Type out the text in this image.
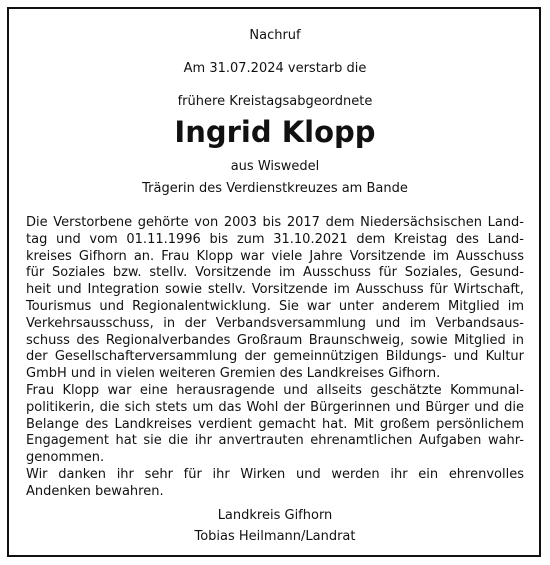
Nachruf
Am 31.07.2024 verstarb die
frühere Kreistagsabgeordnete
Ingrid Klopp
aus Wiswedel
Trägerin des Verdienstkreuzes am Bande
Die Verstorbene gehörte von 2003 bis 2017 dem Niedersächsischen Land-
tag und vom 01.11.1996 bis zum 31.10.2021 dem Kreistag des Land-
kreises Gifhorn an. Frau Klopp war viele Jahre Vorsitzende im Ausschuss
für Soziales bzw. stellv. Vorsitzende im Ausschuss für Soziales, Gesund-
heit und Integration sowie stellv. Vorsitzende im Ausschuss für Wirtschaft,
Tourismus und Regionalentwicklung. Sie war unter anderem Mitglied im
Verkehrsausschuss, in der Verbandsversammlung und im Verbandsaus-
schuss des Regionalverbandes Großraum Braunschweig, sowie Mitglied in
der Gesellschafterversammlung der gemeinnützigen Bildungs- und Kultur
GmbH und in vielen weiteren Gremien des Landkreises Gifhorn.
Frau Klopp war eine herausragende und allseits geschätzte Kommunal-
politikerin, die sich stets um das Wohl der Bürgerinnen und Bürger und die
Belange des Landkreises verdient gemacht hat. Mit großem persönlichem
Engagement hat sie die ihr anvertrauten ehrenamtlichen Aufgaben wahr-
genommen.
Wir danken ihr sehr für ihr Wirken und werden ihr ein ehrenvolles
Andenken bewahren.
Landkreis Gifhorn
Tobias Heilmann/Landrat
